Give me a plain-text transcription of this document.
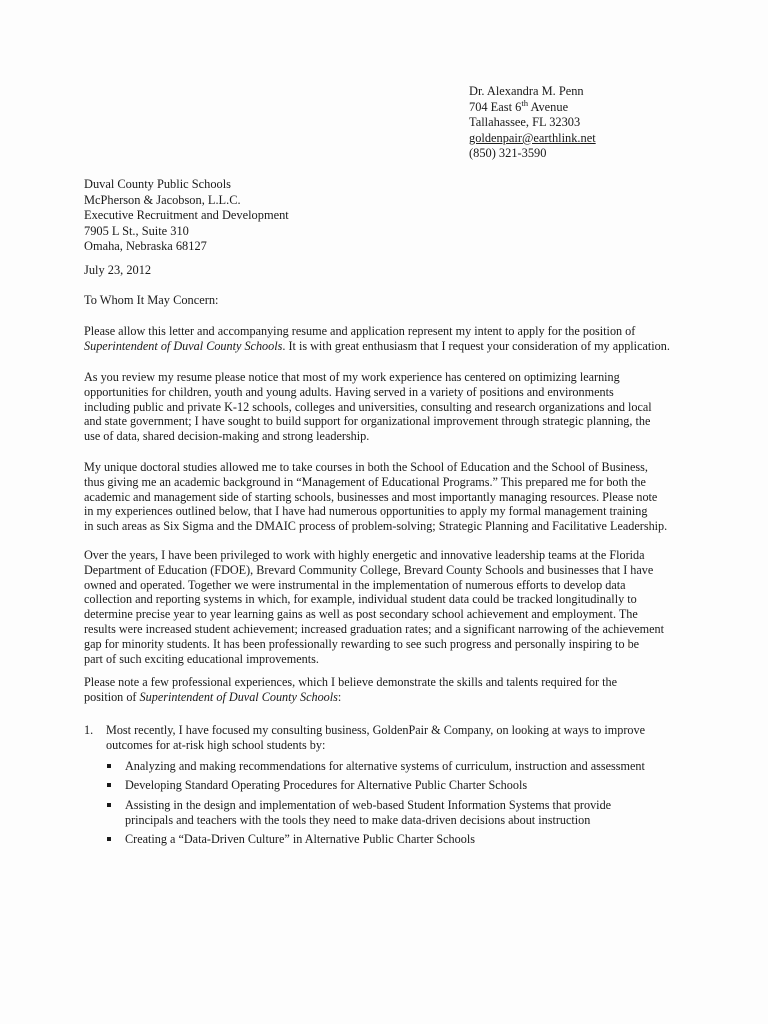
Dr. Alexandra M. Penn
704 East 6th Avenue
Tallahassee, FL 32303
goldenpair@earthlink.net
(850) 321-3590
Duval County Public Schools
McPherson & Jacobson, L.L.C.
Executive Recruitment and Development
7905 L St., Suite 310
Omaha, Nebraska 68127
July 23, 2012
To Whom It May Concern:
Please allow this letter and accompanying resume and application represent my intent to apply for the position of
Superintendent of Duval County Schools. It is with great enthusiasm that I request your consideration of my application.
As you review my resume please notice that most of my work experience has centered on optimizing learning
opportunities for children, youth and young adults. Having served in a variety of positions and environments
including public and private K-12 schools, colleges and universities, consulting and research organizations and local
and state government; I have sought to build support for organizational improvement through strategic planning, the
use of data, shared decision-making and strong leadership.
My unique doctoral studies allowed me to take courses in both the School of Education and the School of Business,
thus giving me an academic background in “Management of Educational Programs.” This prepared me for both the
academic and management side of starting schools, businesses and most importantly managing resources. Please note
in my experiences outlined below, that I have had numerous opportunities to apply my formal management training
in such areas as Six Sigma and the DMAIC process of problem-solving; Strategic Planning and Facilitative Leadership.
Over the years, I have been privileged to work with highly energetic and innovative leadership teams at the Florida
Department of Education (FDOE), Brevard Community College, Brevard County Schools and businesses that I have
owned and operated. Together we were instrumental in the implementation of numerous efforts to develop data
collection and reporting systems in which, for example, individual student data could be tracked longitudinally to
determine precise year to year learning gains as well as post secondary school achievement and employment. The
results were increased student achievement; increased graduation rates; and a significant narrowing of the achievement
gap for minority students. It has been professionally rewarding to see such progress and personally inspiring to be
part of such exciting educational improvements.
Please note a few professional experiences, which I believe demonstrate the skills and talents required for the
position of Superintendent of Duval County Schools:
1. Most recently, I have focused my consulting business, GoldenPair & Company, on looking at ways to improve
outcomes for at-risk high school students by:
Analyzing and making recommendations for alternative systems of curriculum, instruction and assessment
Developing Standard Operating Procedures for Alternative Public Charter Schools
Assisting in the design and implementation of web-based Student Information Systems that provide
principals and teachers with the tools they need to make data-driven decisions about instruction
Creating a “Data-Driven Culture” in Alternative Public Charter Schools
